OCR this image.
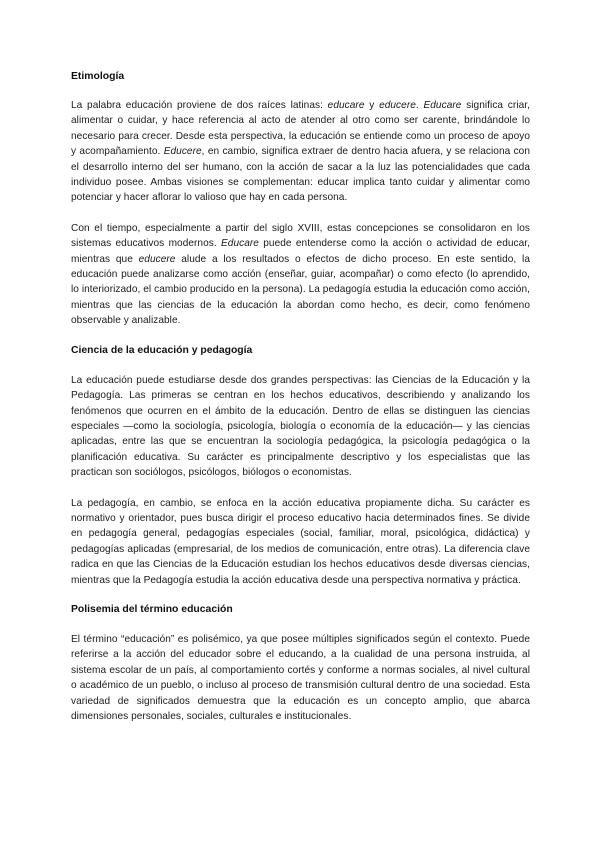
Etimología

La palabra educación proviene de dos raíces latinas: educare y educere. Educare significa criar, alimentar o cuidar, y hace referencia al acto de atender al otro como ser carente, brindándole lo necesario para crecer. Desde esta perspectiva, la educación se entiende como un proceso de apoyo y acompañamiento. Educere, en cambio, significa extraer de dentro hacia afuera, y se relaciona con el desarrollo interno del ser humano, con la acción de sacar a la luz las potencialidades que cada individuo posee. Ambas visiones se complementan: educar implica tanto cuidar y alimentar como potenciar y hacer aflorar lo valioso que hay en cada persona.

Con el tiempo, especialmente a partir del siglo XVIII, estas concepciones se consolidaron en los sistemas educativos modernos. Educare puede entenderse como la acción o actividad de educar, mientras que educere alude a los resultados o efectos de dicho proceso. En este sentido, la educación puede analizarse como acción (enseñar, guiar, acompañar) o como efecto (lo aprendido, lo interiorizado, el cambio producido en la persona). La pedagogía estudia la educación como acción, mientras que las ciencias de la educación la abordan como hecho, es decir, como fenómeno observable y analizable.

Ciencia de la educación y pedagogía

La educación puede estudiarse desde dos grandes perspectivas: las Ciencias de la Educación y la Pedagogía. Las primeras se centran en los hechos educativos, describiendo y analizando los fenómenos que ocurren en el ámbito de la educación. Dentro de ellas se distinguen las ciencias especiales —como la sociología, psicología, biología o economía de la educación— y las ciencias aplicadas, entre las que se encuentran la sociología pedagógica, la psicología pedagógica o la planificación educativa. Su carácter es principalmente descriptivo y los especialistas que las practican son sociólogos, psicólogos, biólogos o economistas.

La pedagogía, en cambio, se enfoca en la acción educativa propiamente dicha. Su carácter es normativo y orientador, pues busca dirigir el proceso educativo hacia determinados fines. Se divide en pedagogía general, pedagogías especiales (social, familiar, moral, psicológica, didáctica) y pedagogías aplicadas (empresarial, de los medios de comunicación, entre otras). La diferencia clave radica en que las Ciencias de la Educación estudian los hechos educativos desde diversas ciencias, mientras que la Pedagogía estudia la acción educativa desde una perspectiva normativa y práctica.

Polisemia del término educación

El término “educación” es polisémico, ya que posee múltiples significados según el contexto. Puede referirse a la acción del educador sobre el educando, a la cualidad de una persona instruida, al sistema escolar de un país, al comportamiento cortés y conforme a normas sociales, al nivel cultural o académico de un pueblo, o incluso al proceso de transmisión cultural dentro de una sociedad. Esta variedad de significados demuestra que la educación es un concepto amplio, que abarca dimensiones personales, sociales, culturales e institucionales.
